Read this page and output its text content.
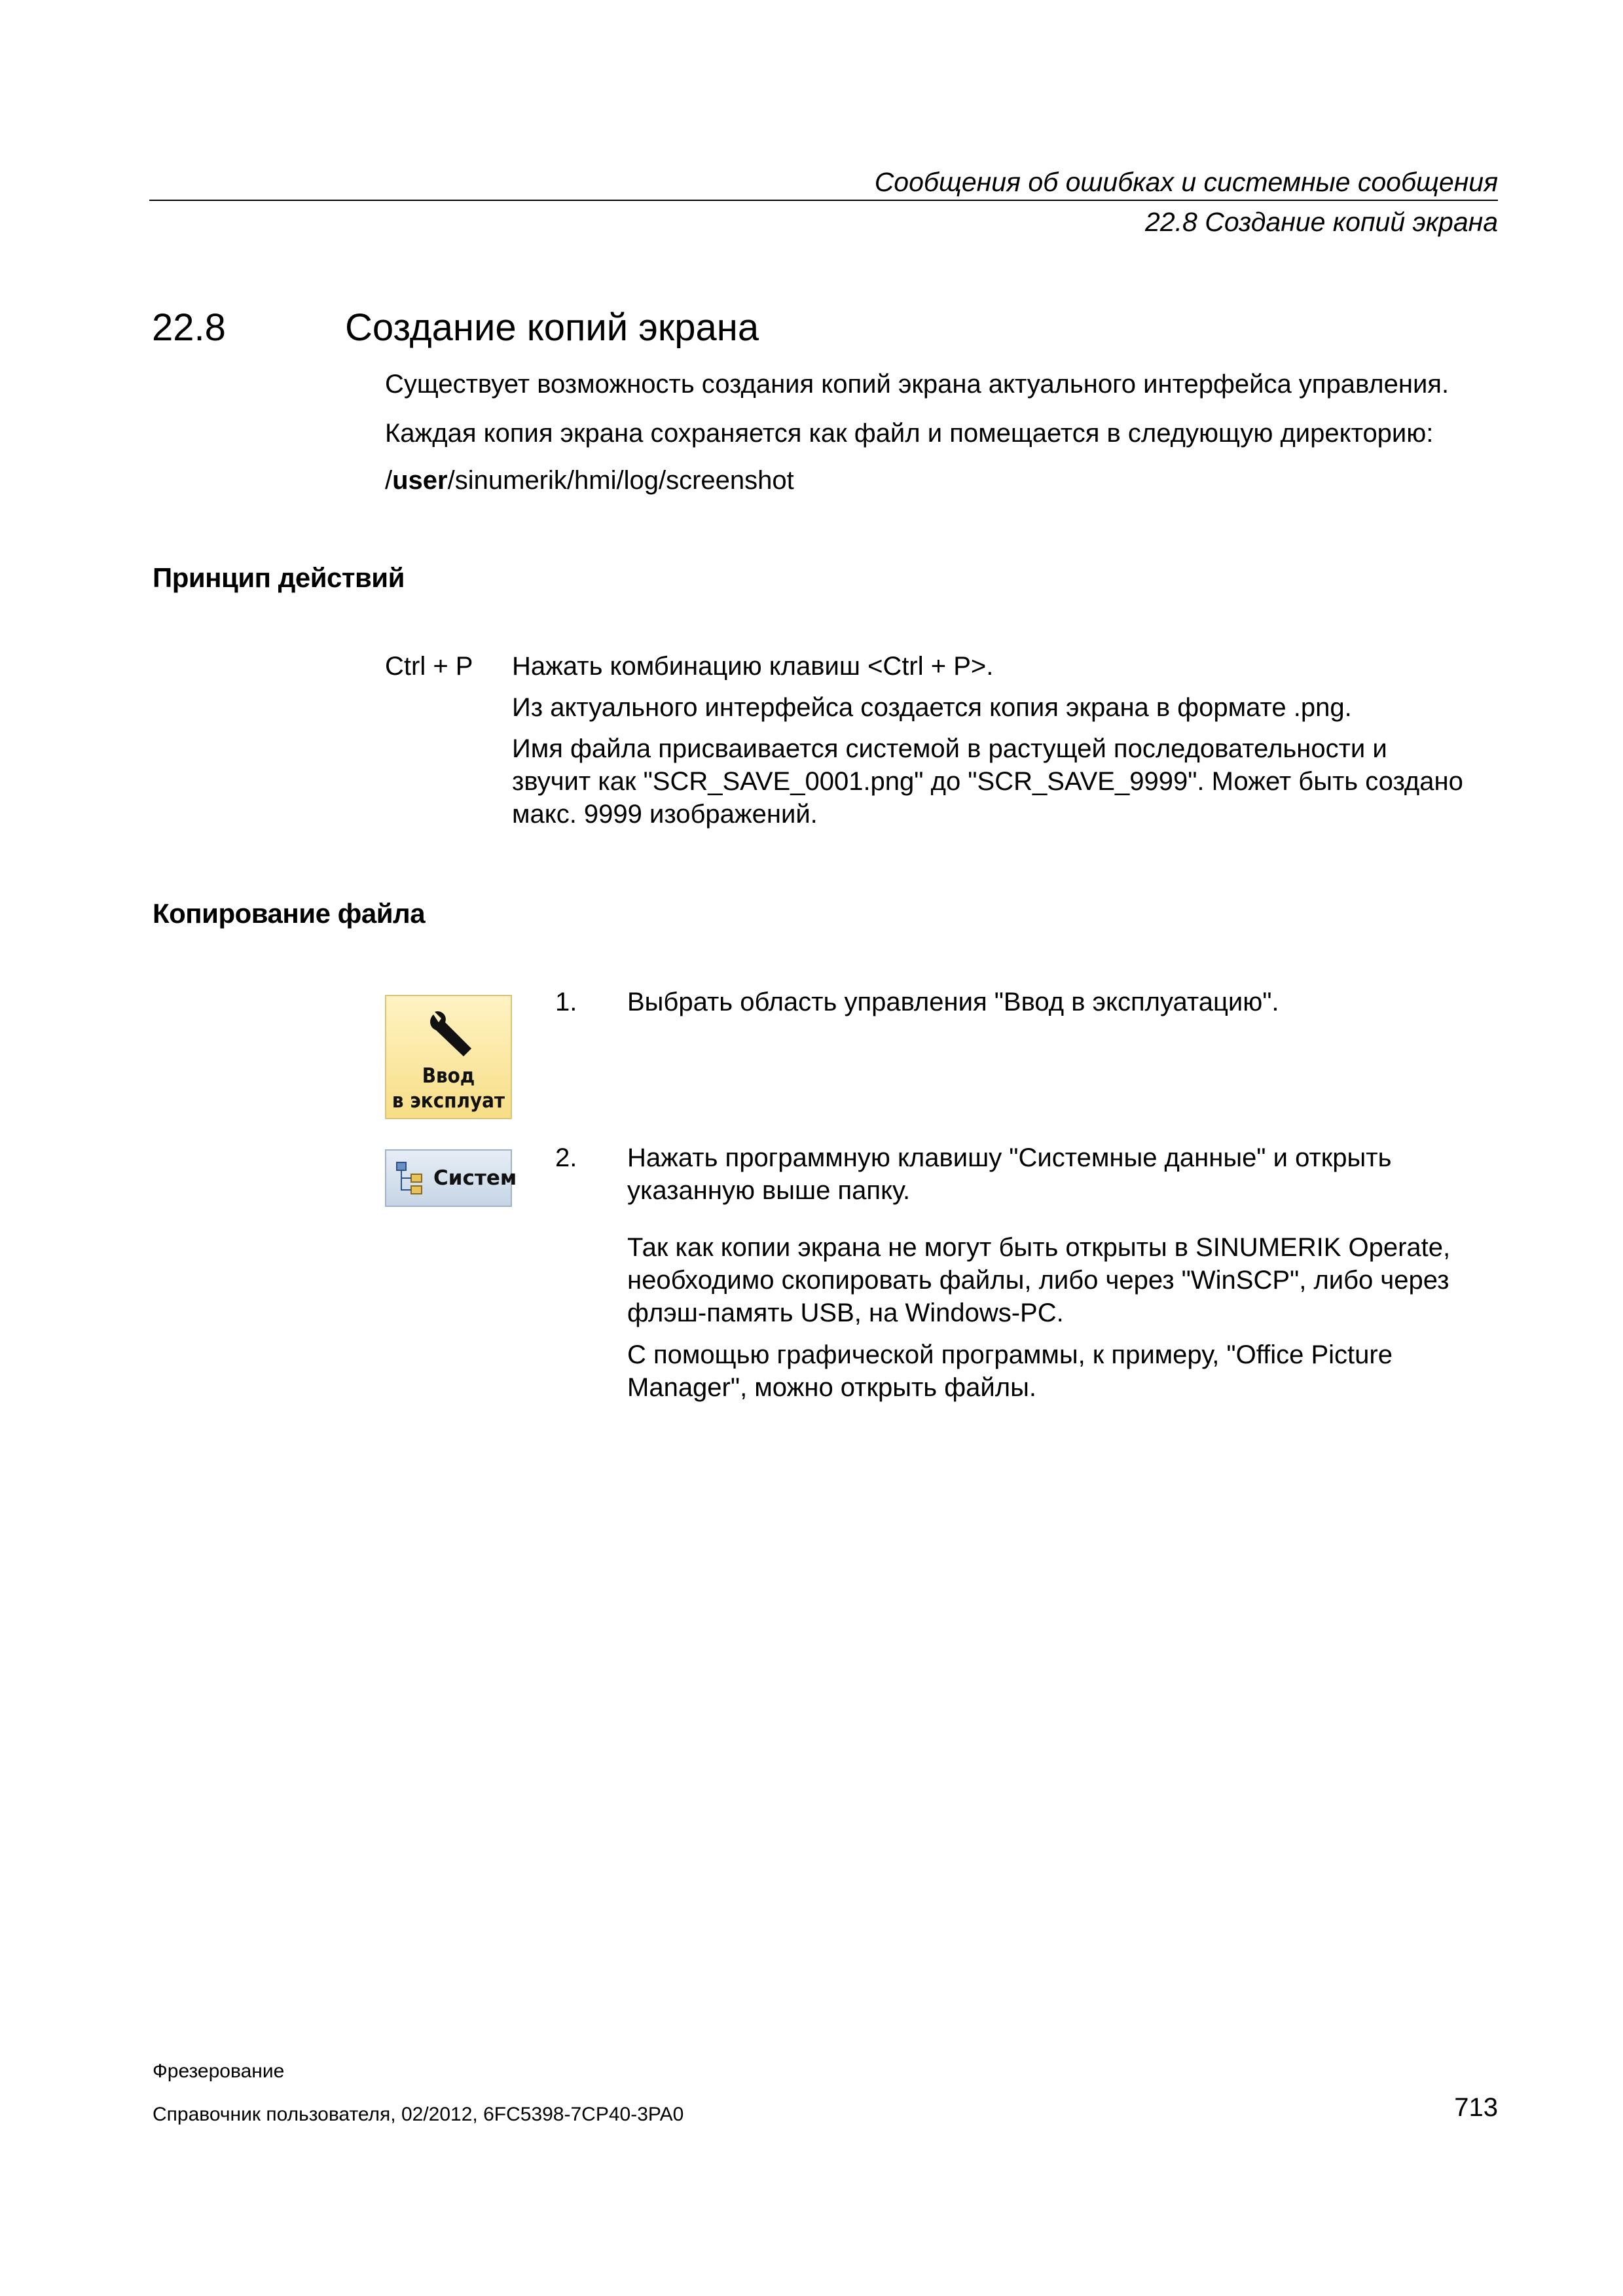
Сообщения об ошибках и системные сообщения
22.8 Создание копий экрана
22.8	Создание копий экрана
Существует возможность создания копий экрана актуального интерфейса управления.
Каждая копия экрана сохраняется как файл и помещается в следующую директорию:
/user/sinumerik/hmi/log/screenshot
Принцип действий
Ctrl + P Нажать комбинацию клавиш <Ctrl + P>.
Из актуального интерфейса создается копия экрана в формате .png.
Имя файла присваивается системой в растущей последовательности и
звучит как "SCR_SAVE_0001.png" до "SCR_SAVE_9999". Может быть создано
макс. 9999 изображений.
Копирование файла
Ввод
в эксплуат
1. Выбрать область управления "Ввод в эксплуатацию".
Систем
2. Нажать программную клавишу "Системные данные" и открыть
указанную выше папку.
Так как копии экрана не могут быть открыты в SINUMERIK Operate,
необходимо скопировать файлы, либо через "WinSCP", либо через
флэш-память USB, на Windows-PC.
С помощью графической программы, к примеру, "Office Picture
Manager", можно открыть файлы.
Фрезерование
Справочник пользователя, 02/2012, 6FC5398-7CP40-3PA0	713
